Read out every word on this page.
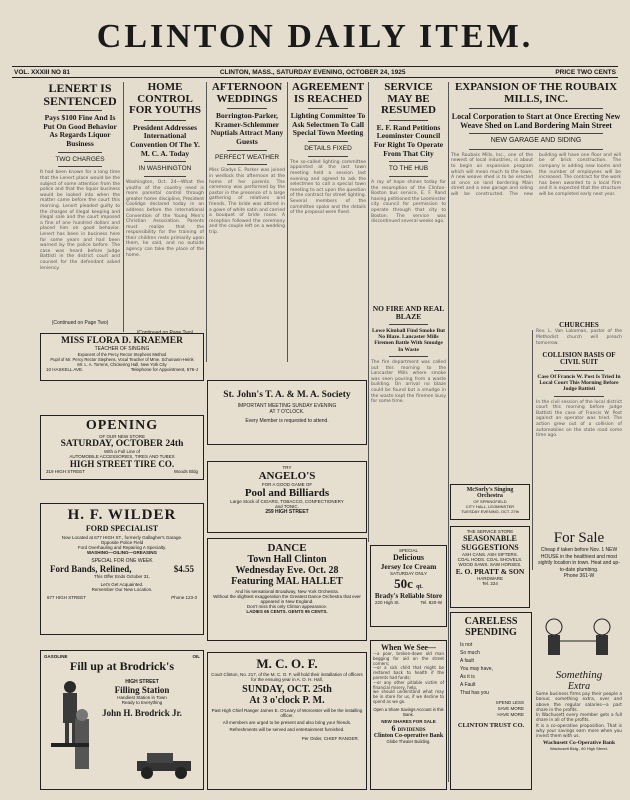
CLINTON DAILY ITEM.
VOL. XXXIII NO 81	CLINTON, MASS., SATURDAY EVENING, OCTOBER 24, 1925	PRICE TWO CENTS
LENERT IS SENTENCED
Pays $100 Fine And Is Put On Good Behavior As Regards Liquor Business
TWO CHARGES
It had been known for a long time that the Lenert place would be the subject of some attention from the police and that the liquor business would be looked into when the matter came before the court this morning. Lenert pleaded guilty to the charges of illegal keeping and illegal sale and the court imposed a fine of one hundred dollars and placed him on good behavior. Lenert has been in business here for some years and had been warned by the police before. The case was heard before Judge Battisti in the district court and counsel for the defendant asked leniency.
(Continued on Page Two)
HOME CONTROL FOR YOUTHS
President Addresses International Convention Of The Y. M. C. A. Today
IN WASHINGTON
Washington, Oct. 24—What the youths of the country need is more parental control through greater home discipline, President Coolidge declared today in an address before the International Convention of the Young Men's Christian Association. Parents must realize that the responsibility for the training of their children rests primarily upon them, he said, and no outside agency can take the place of the home.
AFTERNOON WEDDINGS
Borrington-Parker, Kramer-Schlemmer Nuptials Attract Many Guests
PERFECT WEATHER
Miss Gladys E. Parker was joined in wedlock this afternoon at the home of her parents. The ceremony was performed by the pastor in the presence of a large gathering of relatives and friends. The bride was attired in a gown of white satin and carried a bouquet of bride roses. A reception followed the ceremony and the couple left on a wedding trip.
AGREEMENT IS REACHED
Lighting Committee To Ask Selectmen To Call Special Town Meeting
DETAILS FIXED
The so-called lighting committee appointed at the last town meeting held a session last evening and agreed to ask the selectmen to call a special town meeting to act upon the question of the contract for street lighting. Several members of the committee spoke and the details of the proposal were fixed.
SERVICE MAY BE RESUMED
E. F. Rand Petitions Leominster Council For Right To Operate From That City
TO THE HUB
A ray of hope shines today for the resumption of the Clinton-Boston bus service, E. F. Rand having petitioned the Leominster city council for permission to operate through that city to Boston. The service was discontinued several weeks ago.
EXPANSION OF THE ROUBAIX MILLS, INC.
Local Corporation to Start at Once Erecting New Weave Shed on Land Bordering Main Street
NEW GARAGE AND SIDING
The Roubaix Mills, Inc., one of the newest of local industries, is about to begin an expansion program which will mean much to the town. A new weave shed is to be erected at once on land bordering Main street and a new garage and siding will be constructed. The new building will have one floor and will be of brick construction. The company is adding new looms and the number of employees will be increased. The contract for the work has been awarded to a local firm and it is expected that the structure will be completed early next year.
NO FIRE AND REAL BLAZE
Lowe Kimball Find Smoke But No Blaze. Lancaster Mills Firemen Battle With Smudge In Waste
The fire department was called out this morning to the Lancaster Mills where smoke was seen pouring from a waste building. On arrival no blaze could be found but a smudge in the waste kept the firemen busy for some time.
CHURCHES
Rev. L. Van Lakeman, pastor of the Methodist church will preach tomorrow.
COLLISION BASIS OF CIVIL SUIT
Case Of Francis W. Post Is Tried In Local Court This Morning Before Judge Battisti
In the civil session of the local district court this morning before Judge Battisti the case of Francis W. Post against an operator was tried. The action grew out of a collision of automobiles on the state road some time ago.
MISS FLORA D. KRAEMER
TEACHER OF SINGING
Exponent of the Percy Rector Stephens Method
Pupil of Mr. Percy Rector Stephens, Vocal Teacher of Mme. Schumann-Heink
Mr. L. A. Torrens, Chickering Hall, New York City
10 HASKELL AVE.	Telephone for Appointment, 676-J
OPENING
OF OUR NEW STORE
SATURDAY, OCTOBER 24th
With a Full Line of
AUTOMOBILE ACCESSORIES, TIRES AND TUBES
HIGH STREET TIRE CO.
319 HIGH STREET	Woods Bldg
H. F. WILDER
FORD SPECIALIST
Now Located at 677 HIGH ST., formerly Gallagher's Garage.
Opposite Police Field
Ford Overhauling and Repairing A Specialty.
WASHING—OILING—GREASING
SPECIAL FOR ONE WEEK
Ford Bands, Relined,	$4.55
This Offer Ends October 31.
Let's Get Acquainted.
Remember Our New Location.
677 HIGH STREET	Phone 123-3
GASOLINE	OIL
Fill up at Brodrick's
HIGH STREET
Filling Station
Handiest Station in Town
Ready to Everything
John H. Brodrick Jr.
St. John's T. A. & M. A. Society
IMPORTANT MEETING SUNDAY EVENING
AT 7 O'CLOCK.
Every Member is requested to attend.
TRY
ANGELO'S
FOR A GOOD GAME OF
Pool and Billiards
Large Stock of CIGARS, TOBACCO, CONFECTIONERY
and TONIC.
259 HIGH STREET
DANCE
Town Hall Clinton
Wednesday Eve. Oct. 28
Featuring MAL HALLET
And his sensational Broadway, New York Orchestra.
Without the slightest exaggeration the Greatest Dance Orchestra that ever appeared in New England.
Don't miss this only Clinton appearance.
LADIES 65 CENTS. GENTS 95 CENTS.
M. C. O. F.
Court Clinton, No. 217, of the M. C. O. F. will hold their installation of officers for the ensuing year in A. O. H. Hall,
SUNDAY, OCT. 25th
At 3 o'clock P. M.
Past High Chief Ranger James E. O'Leary of Worcester will be the installing officer.
All members are urged to be present and also bring your friends.
Refreshments will be served and entertainment furnished.
Per Order, CHIEF RANGER.
McSorly's Singing Orchestra
OF SPRINGFIELD
CITY HALL, LEOMINSTER
TUESDAY EVENING, OCT. 27th
THE SERVICE STORE
SEASONABLE SUGGESTIONS
ASH CANS. ASH SIFTERS.
COAL HODS. COAL SHOVELS.
WOOD SAWS. SAW HORSES.
E. O. PRATT & SON
HARDWARE
Tel. 224
SPECIAL
Delicious
Jersey Ice Cream
SATURDAY ONLY
50c qt.
Brady's Reliable Store
220 High St.	Tel. 820-W
When We See—
—a poor, broken-down old man begging for aid on the street corners;
—or a sick child that might be restored back to health if the parents had funds;
—or any other pitiable victim of financial misery, help,
we should understand what may be in store for us, if we decline to spend as we go.
Open a Share Savings Account in this Bank.
NEW SHARES FOR SALE
6 DIVIDENDS
Clinton Co-operative Bank
Globe Theater Building.
CARELESS SPENDING
Is not
So much
A fault
You may have,
As it is
A Fault
That has you
SPEND LESS
SAVE MORE
HAVE MORE
CLINTON TRUST CO.
For Sale
Cheap if taken before Nov. 1 NEW HOUSE in the healthiest and most sightly location in town. Heat and up-to-date plumbing.
Phone 361-W
Something
Extra
Some business firms pay their people a bonus; something extra, over and above the regular salaries—a part share in the profits.
In Wachusett every member gets a full share in all of the profits.
It is a co-operative proposition. That is why your savings earn more when you invest them with us.
Wachusett Co-Operative Bank
Wachusett Bldg., 60 High Street.
